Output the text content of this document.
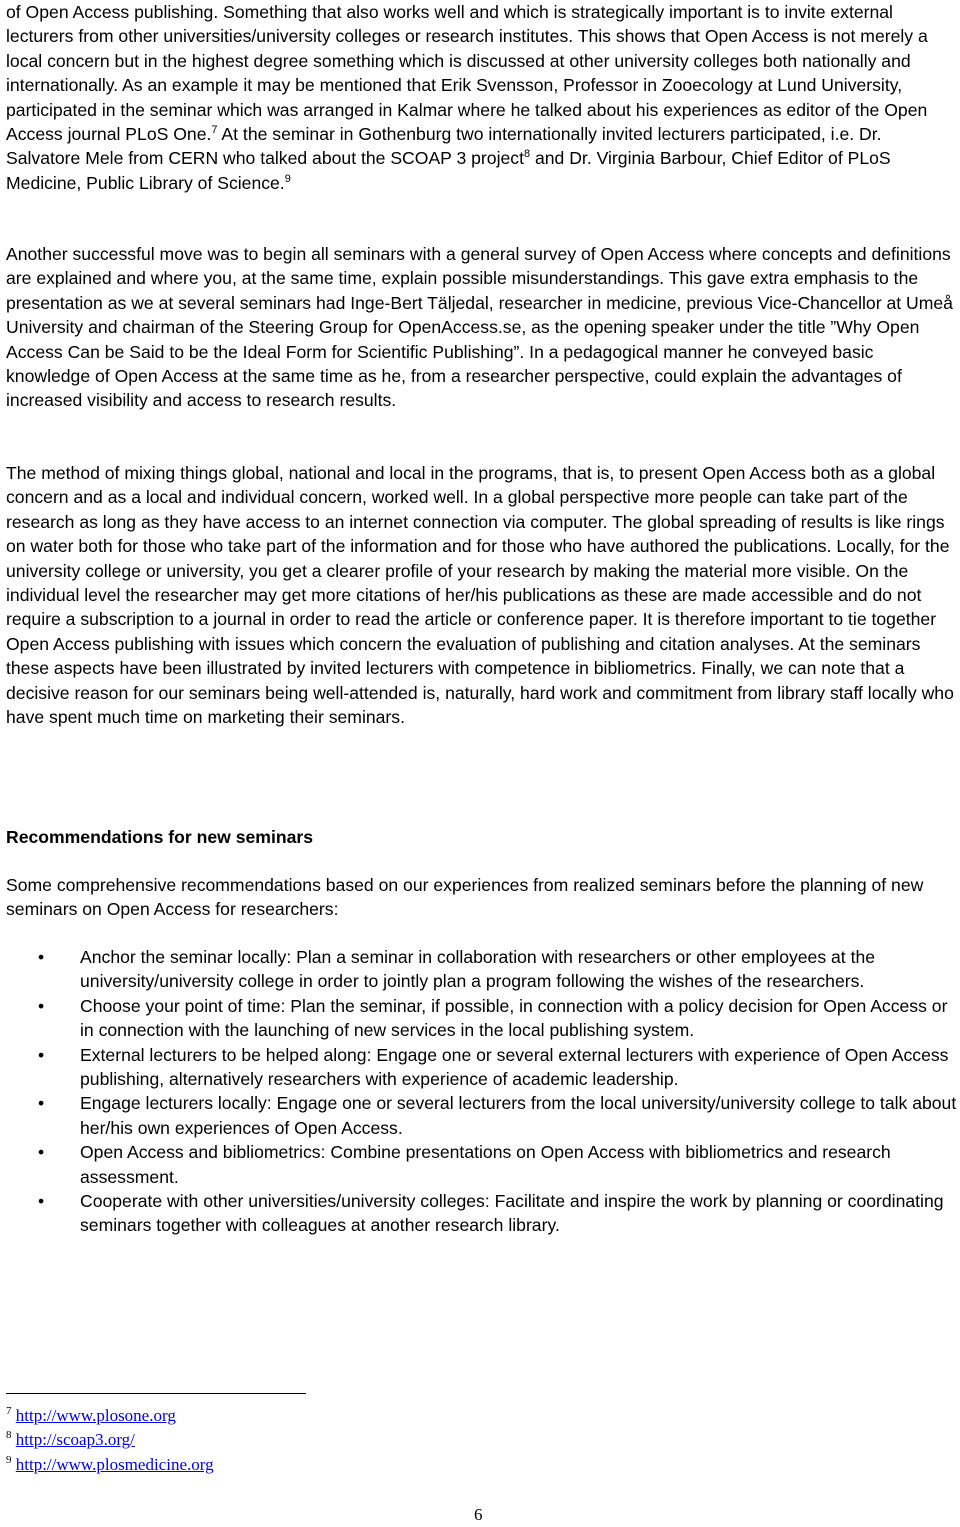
of Open Access publishing. Something that also works well and which is strategically important is to invite external lecturers from other universities/university colleges or research institutes. This shows that Open Access is not merely a local concern but in the highest degree something which is discussed at other university colleges both nationally and internationally. As an example it may be mentioned that Erik Svensson, Professor in Zooecology at Lund University, participated in the seminar which was arranged in Kalmar where he talked about his experiences as editor of the Open Access journal PLoS One.$^7$ At the seminar in Gothenburg two internationally invited lecturers participated, i.e. Dr. Salvatore Mele from CERN who talked about the SCOAP 3 project$^8$ and Dr. Virginia Barbour, Chief Editor of PLoS Medicine, Public Library of Science.$^9$

Another successful move was to begin all seminars with a general survey of Open Access where concepts and definitions are explained and where you, at the same time, explain possible misunderstandings. This gave extra emphasis to the presentation as we at several seminars had Inge-Bert Täljedal, researcher in medicine, previous Vice-Chancellor at Umeå University and chairman of the Steering Group for OpenAccess.se, as the opening speaker under the title ”Why Open Access Can be Said to be the Ideal Form for Scientific Publishing”. In a pedagogical manner he conveyed basic knowledge of Open Access at the same time as he, from a researcher perspective, could explain the advantages of increased visibility and access to research results.

The method of mixing things global, national and local in the programs, that is, to present Open Access both as a global concern and as a local and individual concern, worked well. In a global perspective more people can take part of the research as long as they have access to an internet connection via computer. The global spreading of results is like rings on water both for those who take part of the information and for those who have authored the publications. Locally, for the university college or university, you get a clearer profile of your research by making the material more visible. On the individual level the researcher may get more citations of her/his publications as these are made accessible and do not require a subscription to a journal in order to read the article or conference paper. It is therefore important to tie together Open Access publishing with issues which concern the evaluation of publishing and citation analyses. At the seminars these aspects have been illustrated by invited lecturers with competence in bibliometrics. Finally, we can note that a decisive reason for our seminars being well-attended is, naturally, hard work and commitment from library staff locally who have spent much time on marketing their seminars.

Recommendations for new seminars

Some comprehensive recommendations based on our experiences from realized seminars before the planning of new seminars on Open Access for researchers:

• Anchor the seminar locally: Plan a seminar in collaboration with researchers or other employees at the university/university college in order to jointly plan a program following the wishes of the researchers.
• Choose your point of time: Plan the seminar, if possible, in connection with a policy decision for Open Access or in connection with the launching of new services in the local publishing system.
• External lecturers to be helped along: Engage one or several external lecturers with experience of Open Access publishing, alternatively researchers with experience of academic leadership.
• Engage lecturers locally: Engage one or several lecturers from the local university/university college to talk about her/his own experiences of Open Access.
• Open Access and bibliometrics: Combine presentations on Open Access with bibliometrics and research assessment.
• Cooperate with other universities/university colleges: Facilitate and inspire the work by planning or coordinating seminars together with colleagues at another research library.

$^7$ http://www.plosone.org

$^8$ http://scoap3.org/

$^9$ http://www.plosmedicine.org

6
